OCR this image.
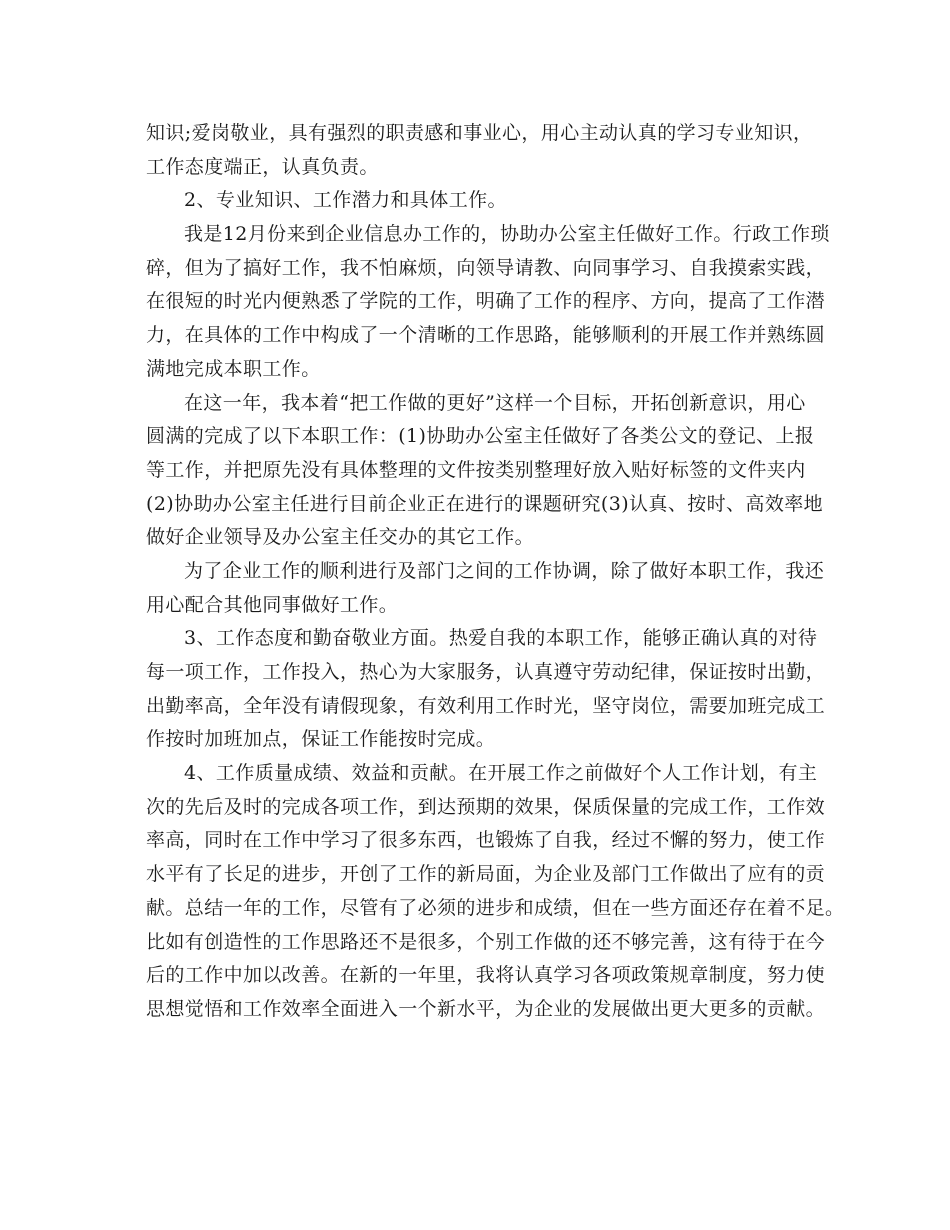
知识;爱岗敬业，具有强烈的职责感和事业心，用心主动认真的学习专业知识，
工作态度端正，认真负责。
2、专业知识、工作潜力和具体工作。
我是12月份来到企业信息办工作的，协助办公室主任做好工作。行政工作琐
碎，但为了搞好工作，我不怕麻烦，向领导请教、向同事学习、自我摸索实践，
在很短的时光内便熟悉了学院的工作，明确了工作的程序、方向，提高了工作潜
力，在具体的工作中构成了一个清晰的工作思路，能够顺利的开展工作并熟练圆
满地完成本职工作。
在这一年，我本着“把工作做的更好”这样一个目标，开拓创新意识，用心
圆满的完成了以下本职工作：(1)协助办公室主任做好了各类公文的登记、上报
等工作，并把原先没有具体整理的文件按类别整理好放入贴好标签的文件夹内
(2)协助办公室主任进行目前企业正在进行的课题研究(3)认真、按时、高效率地
做好企业领导及办公室主任交办的其它工作。
为了企业工作的顺利进行及部门之间的工作协调，除了做好本职工作，我还
用心配合其他同事做好工作。
3、工作态度和勤奋敬业方面。热爱自我的本职工作，能够正确认真的对待
每一项工作，工作投入，热心为大家服务，认真遵守劳动纪律，保证按时出勤，
出勤率高，全年没有请假现象，有效利用工作时光，坚守岗位，需要加班完成工
作按时加班加点，保证工作能按时完成。
4、工作质量成绩、效益和贡献。在开展工作之前做好个人工作计划，有主
次的先后及时的完成各项工作，到达预期的效果，保质保量的完成工作，工作效
率高，同时在工作中学习了很多东西，也锻炼了自我，经过不懈的努力，使工作
水平有了长足的进步，开创了工作的新局面，为企业及部门工作做出了应有的贡
献。总结一年的工作，尽管有了必须的进步和成绩，但在一些方面还存在着不足。
比如有创造性的工作思路还不是很多，个别工作做的还不够完善，这有待于在今
后的工作中加以改善。在新的一年里，我将认真学习各项政策规章制度，努力使
思想觉悟和工作效率全面进入一个新水平，为企业的发展做出更大更多的贡献。
